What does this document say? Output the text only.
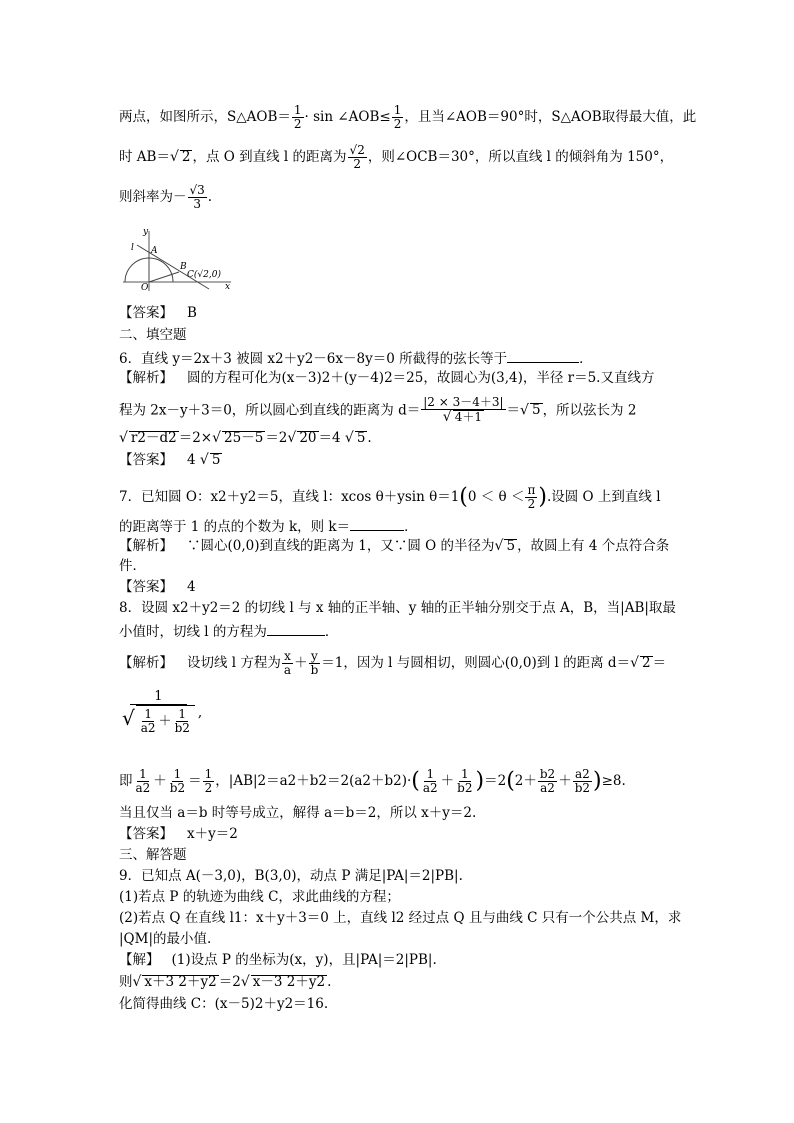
两点，如图所示，S△AOB＝ $\frac{1}{2} \cdot \sin$ ∠AOB≤ $\frac{1}{2}$ ，且当∠AOB＝90°时，S△AOB取得最大值，此
时 AB＝√ 2 ，点 O 到直线 l 的距离为 $\frac{√2}{2}$ ，则∠OCB＝30°，所以直线 l 的倾斜角为 150°，
则斜率为－ $\frac{√3}{3}$ .
y
l A
B
C(√2,0)
O	x
【答案】 B
二、填空题
6．直线 y＝2x＋3 被圆 x2＋y2－6x－8y＝0 所截得的弦长等于	．
【解析】 圆的方程可化为(x－3)2＋(y－4)2＝25，故圆心为(3,4)，半径 r＝5.又直线方
程为 2x－y＋3＝0，所以圆心到直线的距离为 $d= \frac{|2 \times 3-4+3|}{√ 4+1}$ ＝√ 5 ，所以弦长为 2
√ r2－d2 ＝2×√ 25－5 ＝2√ 20 ＝4 √ 5 .
【答案】 4 √ 5
7．已知圆 O：x2＋y2＝5，直线 l：xcos θ＋ysin $\theta=1(0 < \theta < \frac{\pi}{2}$ ).设圆 O 上到直线 l
的距离等于 1 的点的个数为 k，则 k＝	．
【解析】 ∵圆心(0,0)到直线的距离为 1，又∵圆 O 的半径为√ 5 ，故圆上有 4 个点符合条
件．
【答案】 4
8．设圆 x2＋y2＝2 的切线 l 与 x 轴的正半轴、y 轴的正半轴分别交于点 A，B，当|AB|取最
小值时，切线 l 的方程为	．
【解析】 设切线 l 方程为 $\frac{x}{a} + \frac{y}{b} =1$，因为 l 与圆相切，则圆心(0,0)到 l 的距离 d＝√ 2 ＝
$\frac{1}{√ \frac{1}{a2} + \frac{1}{b2}}$ ,
即 $\frac{1}{a2} + \frac{1}{b2} = \frac{1}{2}$ ，$|AB|2=a2+b2=2(a2+b2)\cdot( \frac{1}{a2} + \frac{1}{b2} )=2(2+ \frac{b2}{a2} + \frac{a2}{b2} )\ge 8$.
当且仅当 a＝b 时等号成立，解得 a＝b＝2，所以 x＋y＝2.
【答案】 x＋y＝2
三、解答题
9．已知点 A(－3,0)，B(3,0)，动点 P 满足|PA|＝2|PB|.
(1)若点 P 的轨迹为曲线 C，求此曲线的方程；
(2)若点 Q 在直线 l1：x＋y＋3＝0 上，直线 l2 经过点 Q 且与曲线 C 只有一个公共点 M，求
|QM|的最小值.
【解】 (1)设点 P 的坐标为(x，y)，且|PA|＝2|PB|.
则√x＋3 2＋y2 ＝2√x－3 2＋y2 .
化简得曲线 C：(x－5)2＋y2＝16.
